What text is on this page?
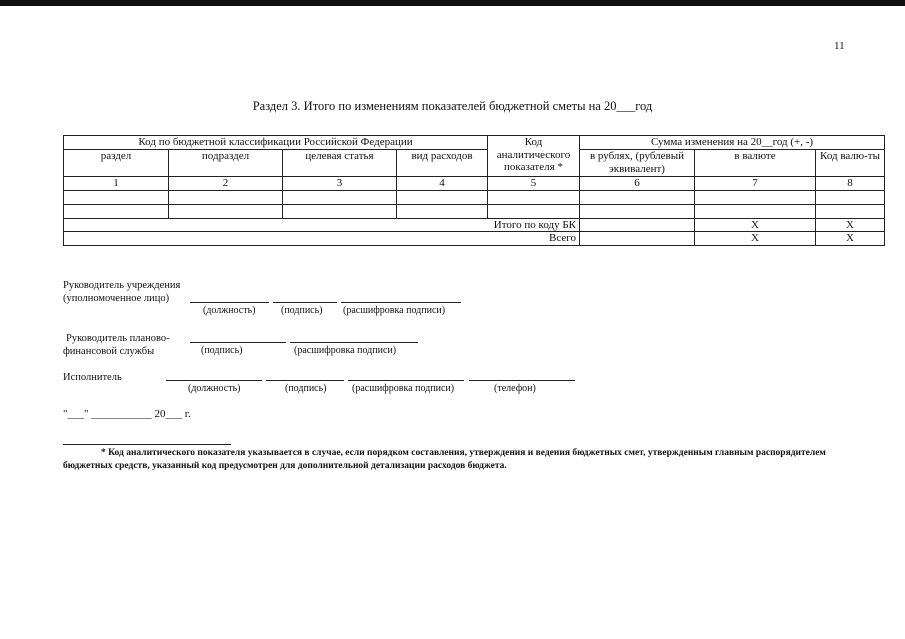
11
Раздел 3. Итого по изменениям показателей бюджетной сметы на 20___год
Код по бюджетной классификации Российской Федерации				Код аналитического показателя *	Сумма изменения на 20__год (+, -)		
раздел	подраздел	целевая статья	вид расходов		в рублях, (рублевый эквивалент)	в валюте	Код валю-ты
1	2	3	4	5	6	7	8

Итого по коду БК						X	X
Всего						X	X
Руководитель учреждения
(уполномоченное лицо)
(должность)	(подпись) (расшифровка подписи)
Руководитель планово-
финансовой службы	(подпись)	(расшифровка подписи)
Исполнитель
(должность)	(подпись)	(расшифровка подписи)	(телефон)
"___" ___________ 20___ г.
* Код аналитического показателя указывается в случае, если порядком составления, утверждения и ведения бюджетных смет, утвержденным главным распорядителем бюджетных средств, указанный код предусмотрен для дополнительной детализации расходов бюджета.
